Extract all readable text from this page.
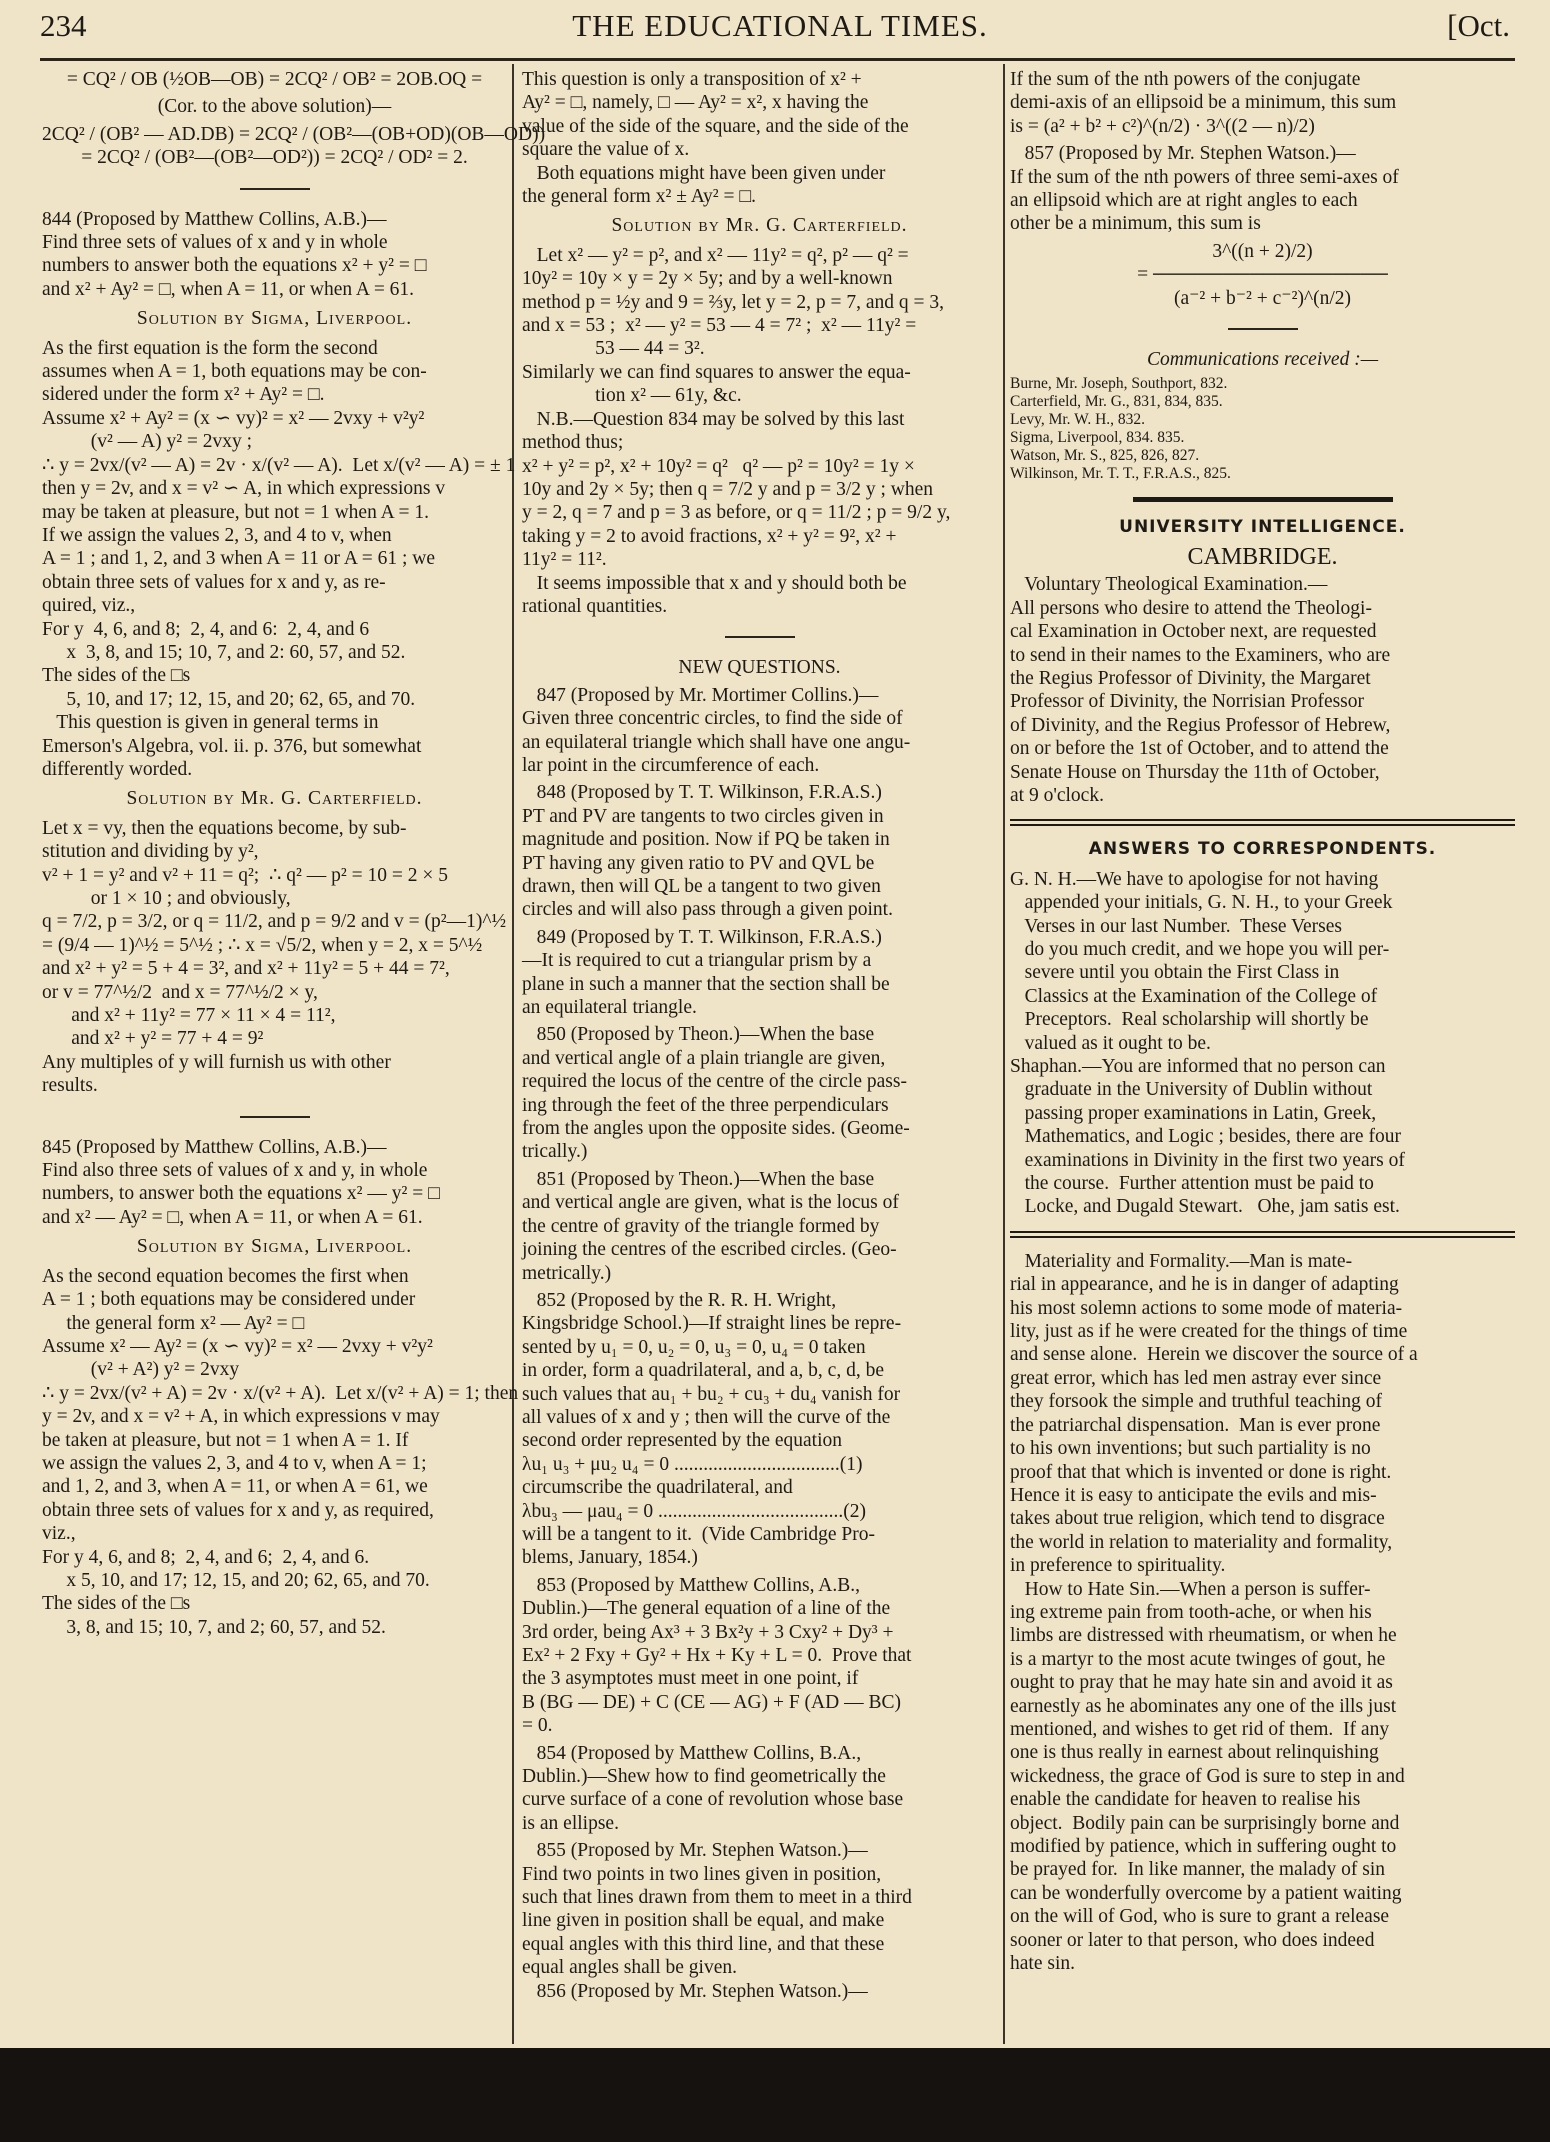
234	THE EDUCATIONAL TIMES.	[Oct.
= CQ² / OB (½OB—OB) = 2CQ² / OB² = 2OB.OQ =
(Cor. to the above solution)—
2CQ² / (OB² — AD.DB) = 2CQ² / (OB²—(OB+OD)(OB—OD))
= 2CQ² / (OB²—(OB²—OD²)) = 2CQ² / OD² = 2.
844 (Proposed by Matthew Collins, A.B.)—
Find three sets of values of x and y in whole
numbers to answer both the equations x² + y² = □
and x² + Ay² = □, when A = 11, or when A = 61.
Solution by Sigma, Liverpool.
As the first equation is the form the second
assumes when A = 1, both equations may be con-
sidered under the form x² + Ay² = □.
Assume x² + Ay² = (x ∽ vy)² = x² — 2vxy + v²y²
(v² — A) y² = 2vxy ;
∴ y = 2vx/(v² — A) = 2v · x/(v² — A).  Let x/(v² — A) = ± 1
then y = 2v, and x = v² ∽ A, in which expressions v
may be taken at pleasure, but not = 1 when A = 1.
If we assign the values 2, 3, and 4 to v, when
A = 1 ; and 1, 2, and 3 when A = 11 or A = 61 ; we
obtain three sets of values for x and y, as re-
quired, viz.,
For y  4, 6, and 8;  2, 4, and 6:  2, 4, and 6
x  3, 8, and 15; 10, 7, and 2: 60, 57, and 52.
The sides of the □s
5, 10, and 17; 12, 15, and 20; 62, 65, and 70.
This question is given in general terms in
Emerson's Algebra, vol. ii. p. 376, but somewhat
differently worded.
Solution by Mr. G. Carterfield.
Let x = vy, then the equations become, by sub-
stitution and dividing by y²,
v² + 1 = y² and v² + 11 = q²;  ∴ q² — p² = 10 = 2 × 5
or 1 × 10 ; and obviously,
q = 7/2, p = 3/2, or q = 11/2, and p = 9/2 and v = (p²—1)^½
= (9/4 — 1)^½ = 5^½ ; ∴ x = √5/2, when y = 2, x = 5^½
and x² + y² = 5 + 4 = 3², and x² + 11y² = 5 + 44 = 7²,
or v = 77^½/2  and x = 77^½/2 × y,
and x² + 11y² = 77 × 11 × 4 = 11²,
and x² + y² = 77 + 4 = 9²
Any multiples of y will furnish us with other
results.
845 (Proposed by Matthew Collins, A.B.)—
Find also three sets of values of x and y, in whole
numbers, to answer both the equations x² — y² = □
and x² — Ay² = □, when A = 11, or when A = 61.
Solution by Sigma, Liverpool.
As the second equation becomes the first when
A = 1 ; both equations may be considered under
the general form x² — Ay² = □
Assume x² — Ay² = (x ∽ vy)² = x² — 2vxy + v²y²
(v² + A²) y² = 2vxy
∴ y = 2vx/(v² + A) = 2v · x/(v² + A).  Let x/(v² + A) = 1; then
y = 2v, and x = v² + A, in which expressions v may
be taken at pleasure, but not = 1 when A = 1. If
we assign the values 2, 3, and 4 to v, when A = 1;
and 1, 2, and 3, when A = 11, or when A = 61, we
obtain three sets of values for x and y, as required,
viz.,
For y 4, 6, and 8;  2, 4, and 6;  2, 4, and 6.
x 5, 10, and 17; 12, 15, and 20; 62, 65, and 70.
The sides of the □s
3, 8, and 15; 10, 7, and 2; 60, 57, and 52.
This question is only a transposition of x² +
Ay² = □, namely, □ — Ay² = x², x having the
value of the side of the square, and the side of the
square the value of x.
Both equations might have been given under
the general form x² ± Ay² = □.
Solution by Mr. G. Carterfield.
Let x² — y² = p², and x² — 11y² = q², p² — q² =
10y² = 10y × y = 2y × 5y; and by a well-known
method p = ½y and 9 = ⅔y, let y = 2, p = 7, and q = 3,
and x = 53 ;  x² — y² = 53 — 4 = 7² ;  x² — 11y² =
53 — 44 = 3².
Similarly we can find squares to answer the equa-
tion x² — 61y, &c.
N.B.—Question 834 may be solved by this last
method thus;
x² + y² = p², x² + 10y² = q²   q² — p² = 10y² = 1y ×
10y and 2y × 5y; then q = 7/2 y and p = 3/2 y ; when
y = 2, q = 7 and p = 3 as before, or q = 11/2 ; p = 9/2 y,
taking y = 2 to avoid fractions, x² + y² = 9², x² +
11y² = 11².
It seems impossible that x and y should both be
rational quantities.
NEW QUESTIONS.
847 (Proposed by Mr. Mortimer Collins.)—
Given three concentric circles, to find the side of
an equilateral triangle which shall have one angu-
lar point in the circumference of each.
848 (Proposed by T. T. Wilkinson, F.R.A.S.)
PT and PV are tangents to two circles given in
magnitude and position. Now if PQ be taken in
PT having any given ratio to PV and QVL be
drawn, then will QL be a tangent to two given
circles and will also pass through a given point.
849 (Proposed by T. T. Wilkinson, F.R.A.S.)
—It is required to cut a triangular prism by a
plane in such a manner that the section shall be
an equilateral triangle.
850 (Proposed by Theon.)—When the base
and vertical angle of a plain triangle are given,
required the locus of the centre of the circle pass-
ing through the feet of the three perpendiculars
from the angles upon the opposite sides. (Geome-
trically.)
851 (Proposed by Theon.)—When the base
and vertical angle are given, what is the locus of
the centre of gravity of the triangle formed by
joining the centres of the escribed circles. (Geo-
metrically.)
852 (Proposed by the R. R. H. Wright,
Kingsbridge School.)—If straight lines be repre-
sented by u₁ = 0, u₂ = 0, u₃ = 0, u₄ = 0 taken
in order, form a quadrilateral, and a, b, c, d, be
such values that au₁ + bu₂ + cu₃ + du₄ vanish for
all values of x and y ; then will the curve of the
second order represented by the equation
λu₁ u₃ + μu₂ u₄ = 0 ..................................(1)
circumscribe the quadrilateral, and
λbu₃ — μau₄ = 0 ......................................(2)
will be a tangent to it.  (Vide Cambridge Pro-
blems, January, 1854.)
853 (Proposed by Matthew Collins, A.B.,
Dublin.)—The general equation of a line of the
3rd order, being Ax³ + 3 Bx²y + 3 Cxy² + Dy³ +
Ex² + 2 Fxy + Gy² + Hx + Ky + L = 0.  Prove that
the 3 asymptotes must meet in one point, if
B (BG — DE) + C (CE — AG) + F (AD — BC)
= 0.
854 (Proposed by Matthew Collins, B.A.,
Dublin.)—Shew how to find geometrically the
curve surface of a cone of revolution whose base
is an ellipse.
855 (Proposed by Mr. Stephen Watson.)—
Find two points in two lines given in position,
such that lines drawn from them to meet in a third
line given in position shall be equal, and make
equal angles with this third line, and that these
equal angles shall be given.
856 (Proposed by Mr. Stephen Watson.)—
If the sum of the nth powers of the conjugate
demi-axis of an ellipsoid be a minimum, this sum
is = (a² + b² + c²)^(n/2) · 3^((2 — n)/2)
857 (Proposed by Mr. Stephen Watson.)—
If the sum of the nth powers of three semi-axes of
an ellipsoid which are at right angles to each
other be a minimum, this sum is
3^((n + 2)/2)
= ─────────────────
(a⁻² + b⁻² + c⁻²)^(n/2)
Communications received :—
Burne, Mr. Joseph, Southport, 832.
Carterfield, Mr. G., 831, 834, 835.
Levy, Mr. W. H., 832.
Sigma, Liverpool, 834. 835.
Watson, Mr. S., 825, 826, 827.
Wilkinson, Mr. T. T., F.R.A.S., 825.
UNIVERSITY INTELLIGENCE.
CAMBRIDGE.
Voluntary Theological Examination.—
All persons who desire to attend the Theologi-
cal Examination in October next, are requested
to send in their names to the Examiners, who are
the Regius Professor of Divinity, the Margaret
Professor of Divinity, the Norrisian Professor
of Divinity, and the Regius Professor of Hebrew,
on or before the 1st of October, and to attend the
Senate House on Thursday the 11th of October,
at 9 o'clock.
ANSWERS TO CORRESPONDENTS.
G. N. H.—We have to apologise for not having
appended your initials, G. N. H., to your Greek
Verses in our last Number.  These Verses
do you much credit, and we hope you will per-
severe until you obtain the First Class in
Classics at the Examination of the College of
Preceptors.  Real scholarship will shortly be
valued as it ought to be.
Shaphan.—You are informed that no person can
graduate in the University of Dublin without
passing proper examinations in Latin, Greek,
Mathematics, and Logic ; besides, there are four
examinations in Divinity in the first two years of
the course.  Further attention must be paid to
Locke, and Dugald Stewart.   Ohe, jam satis est.
Materiality and Formality.—Man is mate-
rial in appearance, and he is in danger of adapting
his most solemn actions to some mode of materia-
lity, just as if he were created for the things of time
and sense alone.  Herein we discover the source of a
great error, which has led men astray ever since
they forsook the simple and truthful teaching of
the patriarchal dispensation.  Man is ever prone
to his own inventions; but such partiality is no
proof that that which is invented or done is right.
Hence it is easy to anticipate the evils and mis-
takes about true religion, which tend to disgrace
the world in relation to materiality and formality,
in preference to spirituality.
How to Hate Sin.—When a person is suffer-
ing extreme pain from tooth-ache, or when his
limbs are distressed with rheumatism, or when he
is a martyr to the most acute twinges of gout, he
ought to pray that he may hate sin and avoid it as
earnestly as he abominates any one of the ills just
mentioned, and wishes to get rid of them.  If any
one is thus really in earnest about relinquishing
wickedness, the grace of God is sure to step in and
enable the candidate for heaven to realise his
object.  Bodily pain can be surprisingly borne and
modified by patience, which in suffering ought to
be prayed for.  In like manner, the malady of sin
can be wonderfully overcome by a patient waiting
on the will of God, who is sure to grant a release
sooner or later to that person, who does indeed
hate sin.
